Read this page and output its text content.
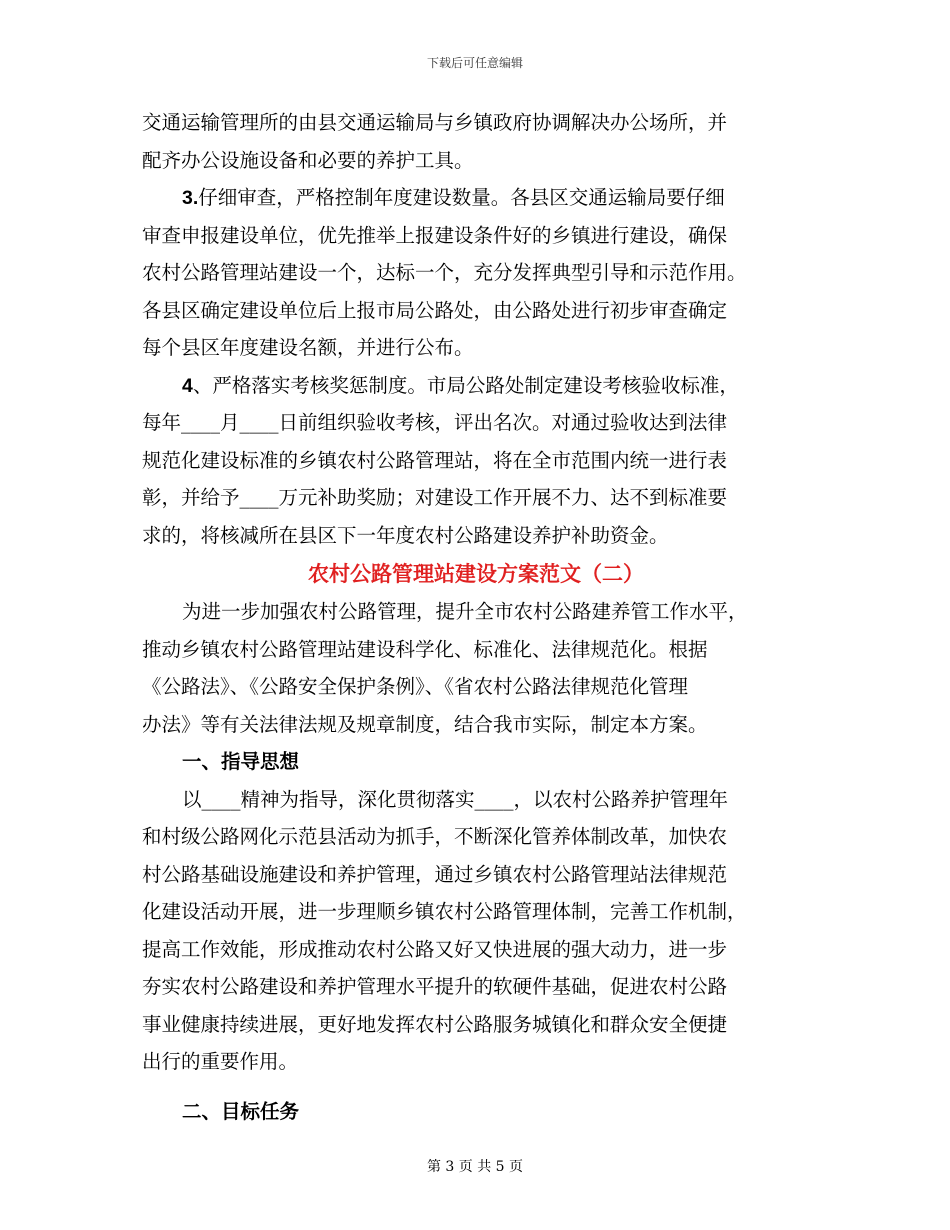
下载后可任意编辑
交通运输管理所的由县交通运输局与乡镇政府协调解决办公场所，并
配齐办公设施设备和必要的养护工具。
3.仔细审查，严格控制年度建设数量。各县区交通运输局要仔细
审查申报建设单位，优先推举上报建设条件好的乡镇进行建设，确保
农村公路管理站建设一个，达标一个，充分发挥典型引导和示范作用。
各县区确定建设单位后上报市局公路处，由公路处进行初步审查确定
每个县区年度建设名额，并进行公布。
4、严格落实考核奖惩制度。市局公路处制定建设考核验收标准，
每年____月____日前组织验收考核，评出名次。对通过验收达到法律
规范化建设标准的乡镇农村公路管理站，将在全市范围内统一进行表
彰，并给予____万元补助奖励；对建设工作开展不力、达不到标准要
求的，将核减所在县区下一年度农村公路建设养护补助资金。
农村公路管理站建设方案范文（二）
为进一步加强农村公路管理，提升全市农村公路建养管工作水平，
推动乡镇农村公路管理站建设科学化、标准化、法律规范化。根据
《公路法》、《公路安全保护条例》、《省农村公路法律规范化管理
办法》等有关法律法规及规章制度，结合我市实际，制定本方案。
一、指导思想
以____精神为指导，深化贯彻落实____，以农村公路养护管理年
和村级公路网化示范县活动为抓手，不断深化管养体制改革，加快农
村公路基础设施建设和养护管理，通过乡镇农村公路管理站法律规范
化建设活动开展，进一步理顺乡镇农村公路管理体制，完善工作机制，
提高工作效能，形成推动农村公路又好又快进展的强大动力，进一步
夯实农村公路建设和养护管理水平提升的软硬件基础，促进农村公路
事业健康持续进展，更好地发挥农村公路服务城镇化和群众安全便捷
出行的重要作用。
二、目标任务
第 3 页 共 5 页
